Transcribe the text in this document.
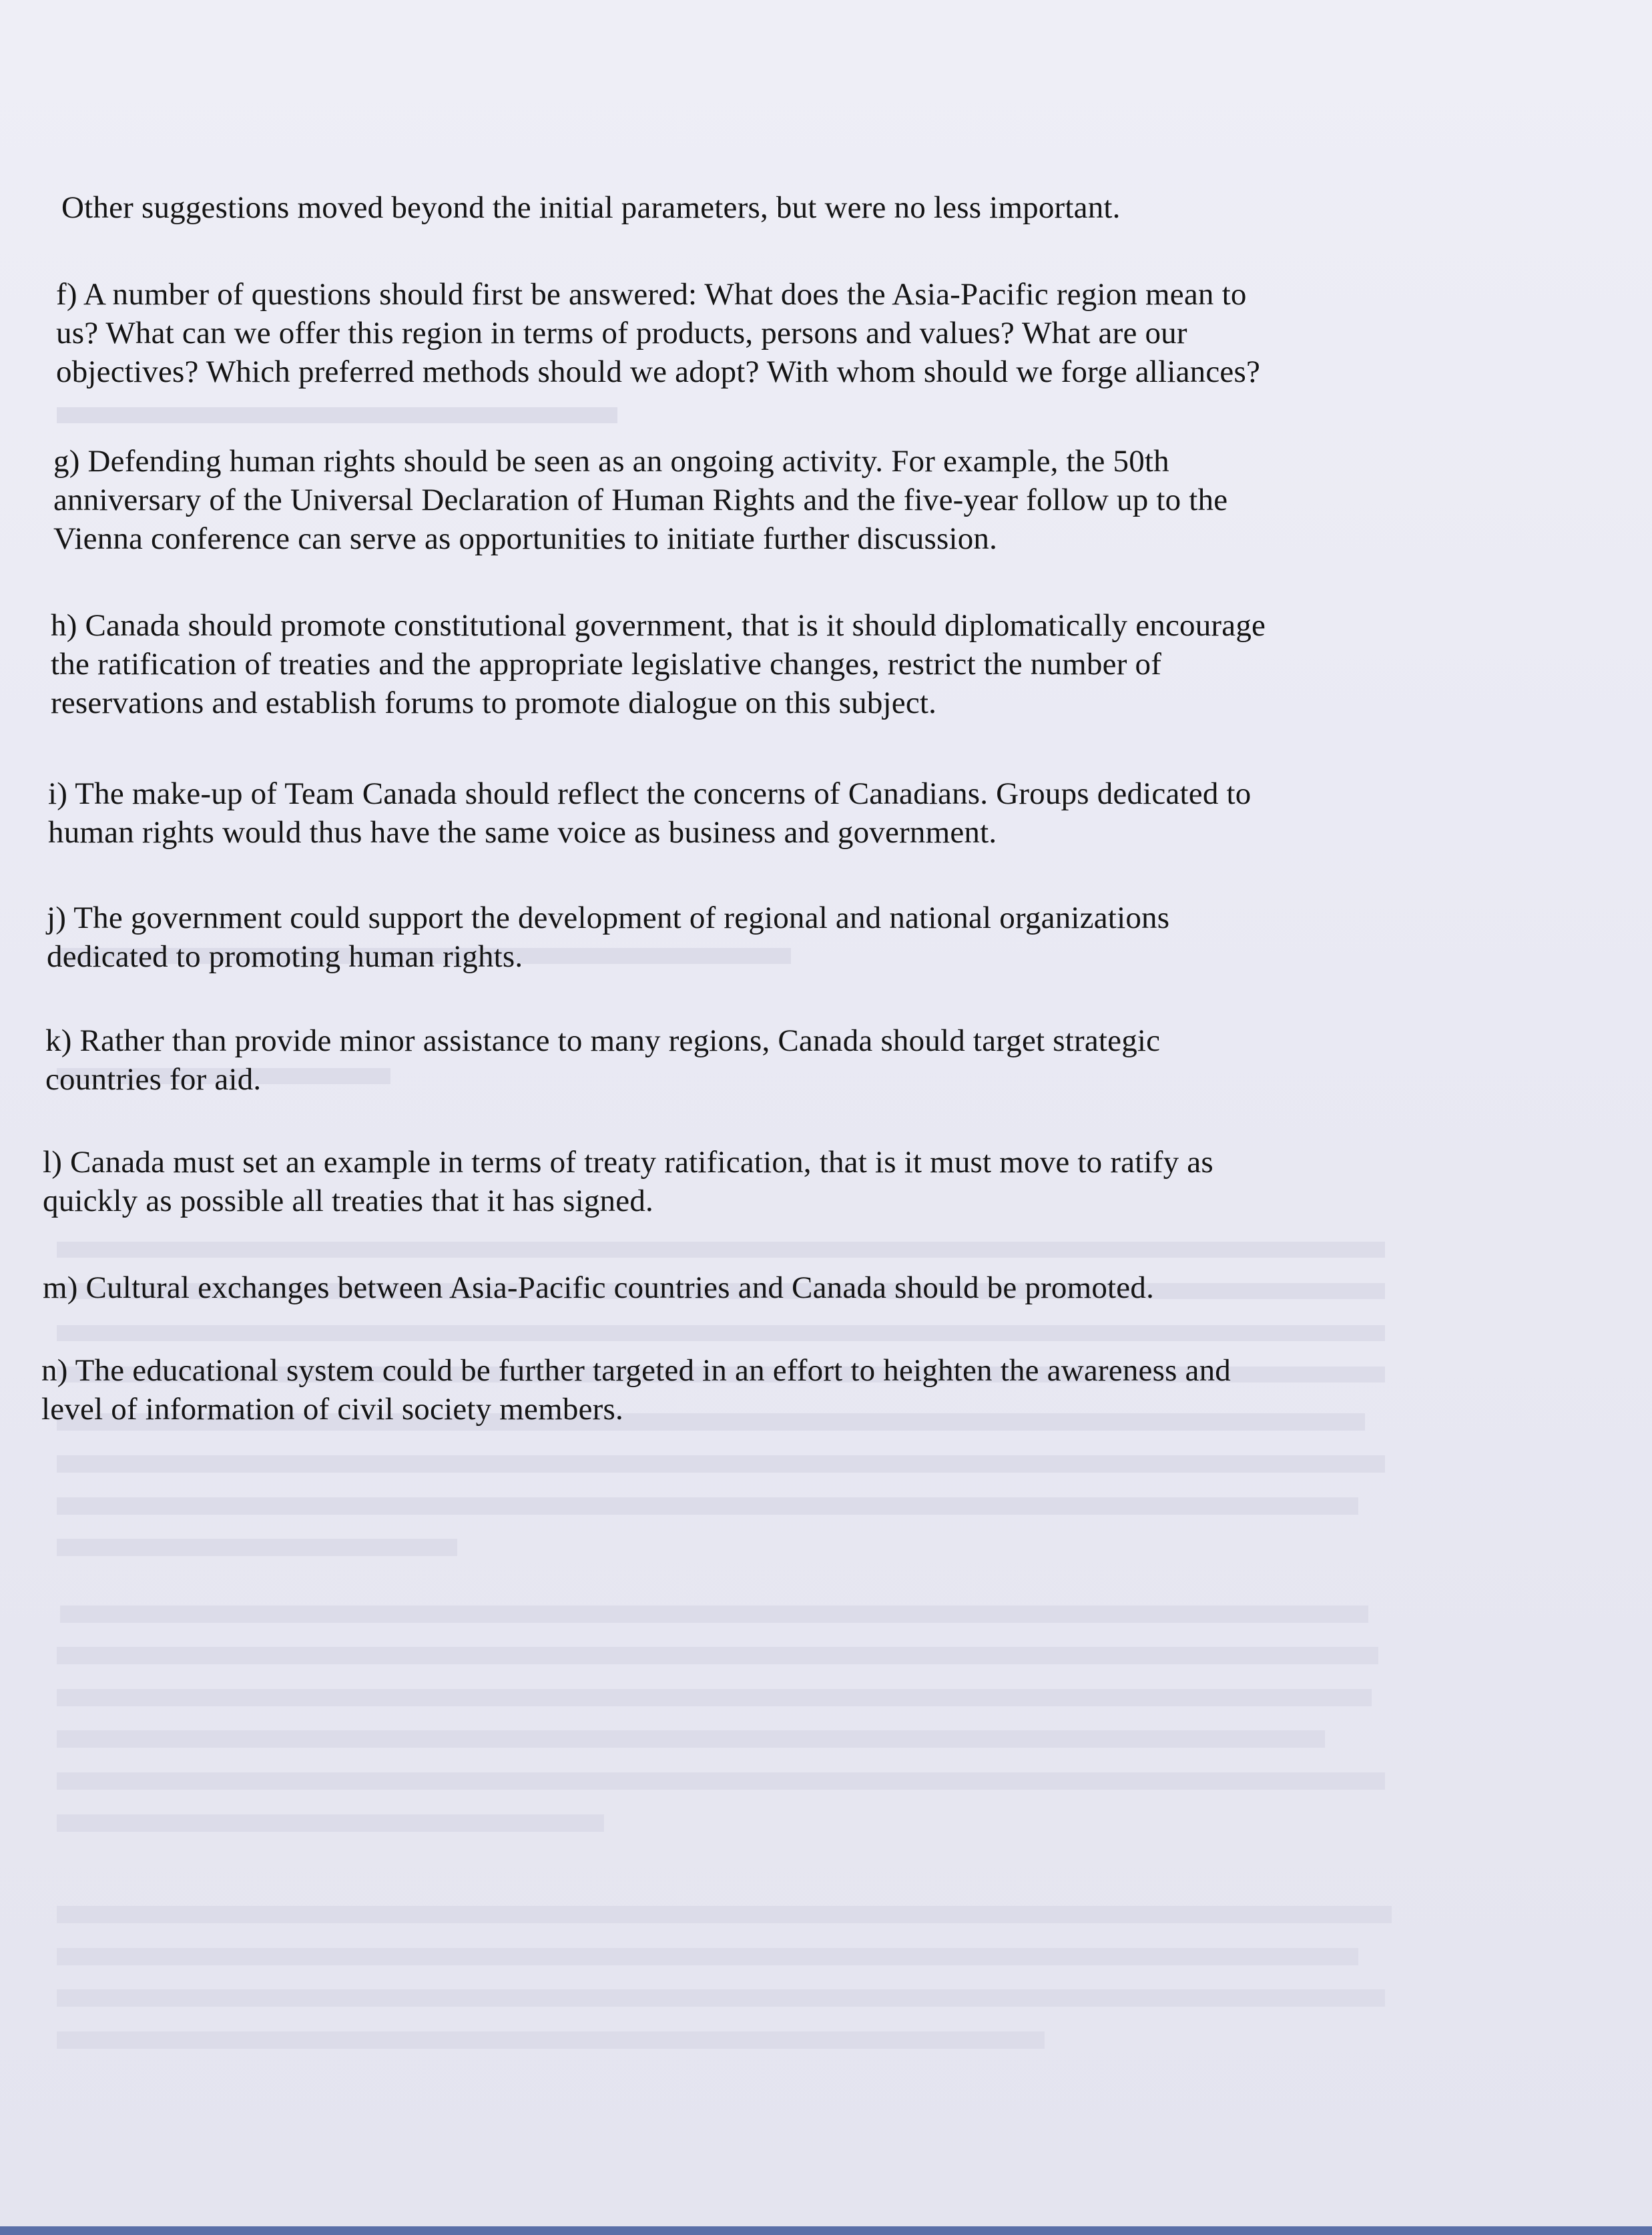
Other suggestions moved beyond the initial parameters, but were no less important.

f) A number of questions should first be answered: What does the Asia-Pacific region mean to
us? What can we offer this region in terms of products, persons and values? What are our
objectives? Which preferred methods should we adopt? With whom should we forge alliances?

g) Defending human rights should be seen as an ongoing activity. For example, the 50th
anniversary of the Universal Declaration of Human Rights and the five-year follow up to the
Vienna conference can serve as opportunities to initiate further discussion.

h) Canada should promote constitutional government, that is it should diplomatically encourage
the ratification of treaties and the appropriate legislative changes, restrict the number of
reservations and establish forums to promote dialogue on this subject.

i) The make-up of Team Canada should reflect the concerns of Canadians. Groups dedicated to
human rights would thus have the same voice as business and government.

j) The government could support the development of regional and national organizations
dedicated to promoting human rights.

k) Rather than provide minor assistance to many regions, Canada should target strategic
countries for aid.

l) Canada must set an example in terms of treaty ratification, that is it must move to ratify as
quickly as possible all treaties that it has signed.

m) Cultural exchanges between Asia-Pacific countries and Canada should be promoted.

n) The educational system could be further targeted in an effort to heighten the awareness and
level of information of civil society members.
